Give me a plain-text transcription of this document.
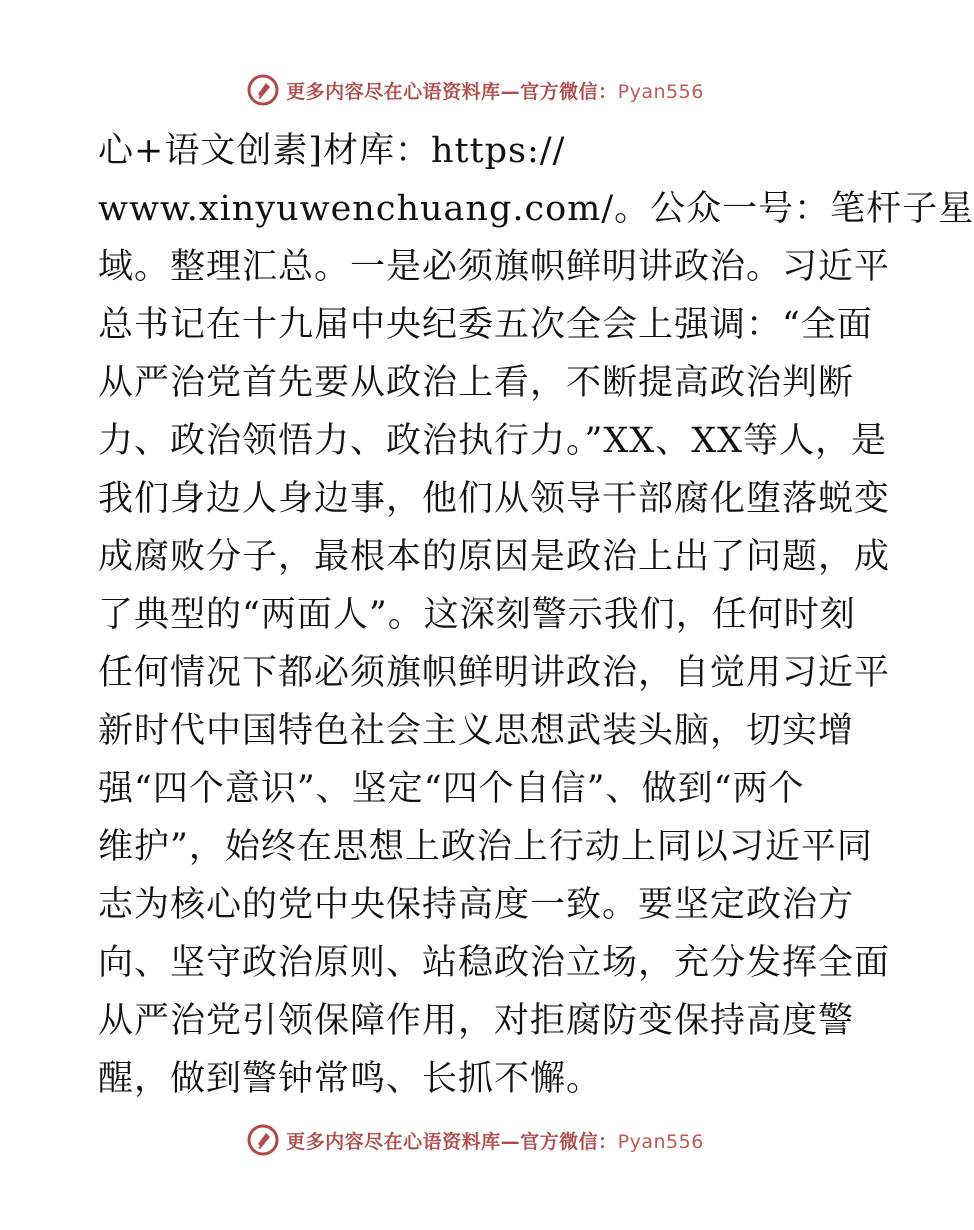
更多内容尽在心语资料库—官方微信：Pyan556
心+语文创素]材库：https://
www.xinyuwenchuang.com/。公众一号：笔杆子星
域。整理汇总。一是必须旗帜鲜明讲政治。习近平
总书记在十九届中央纪委五次全会上强调：“全面
从严治党首先要从政治上看，不断提高政治判断
力、政治领悟力、政治执行力。”XX、XX等人，是
我们身边人身边事，他们从领导干部腐化堕落蜕变
成腐败分子，最根本的原因是政治上出了问题，成
了典型的“两面人”。这深刻警示我们，任何时刻
任何情况下都必须旗帜鲜明讲政治，自觉用习近平
新时代中国特色社会主义思想武装头脑，切实增
强“四个意识”、坚定“四个自信”、做到“两个
维护”，始终在思想上政治上行动上同以习近平同
志为核心的党中央保持高度一致。要坚定政治方
向、坚守政治原则、站稳政治立场，充分发挥全面
从严治党引领保障作用，对拒腐防变保持高度警
醒，做到警钟常鸣、长抓不懈。
更多内容尽在心语资料库—官方微信：Pyan556
